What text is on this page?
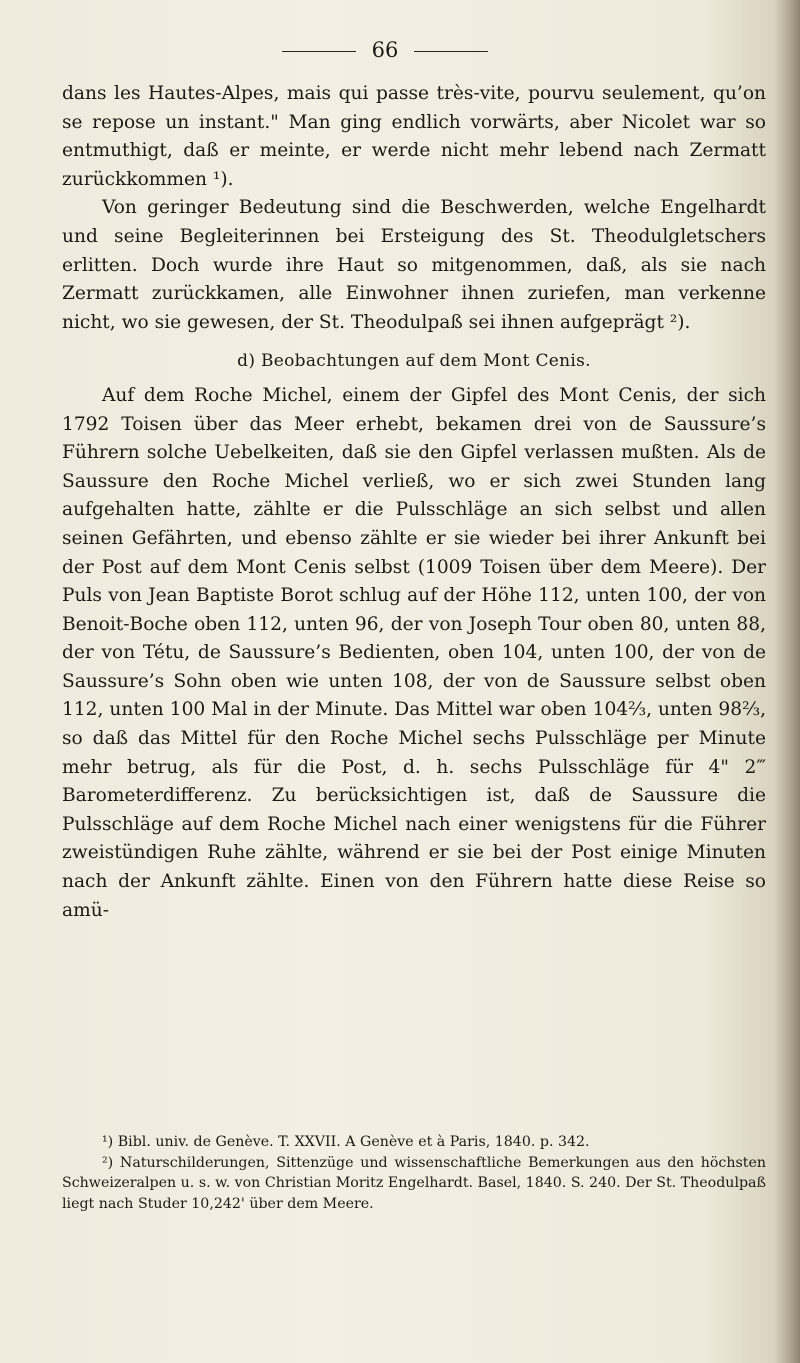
66

dans les Hautes-Alpes, mais qui passe très-vite, pourvu seulement, qu’on se repose un instant." Man ging endlich vorwärts, aber Nicolet war so entmuthigt, daß er meinte, er werde nicht mehr lebend nach Zermatt zurückkommen ¹).

Von geringer Bedeutung sind die Beschwerden, welche Engelhardt und seine Begleiterinnen bei Ersteigung des St. Theodulgletschers erlitten. Doch wurde ihre Haut so mitgenommen, daß, als sie nach Zermatt zurückkamen, alle Einwohner ihnen zuriefen, man verkenne nicht, wo sie gewesen, der St. Theodulpaß sei ihnen aufgeprägt ²).

d) Beobachtungen auf dem Mont Cenis.

Auf dem Roche Michel, einem der Gipfel des Mont Cenis, der sich 1792 Toisen über das Meer erhebt, bekamen drei von de Saussure’s Führern solche Uebelkeiten, daß sie den Gipfel verlassen mußten. Als de Saussure den Roche Michel verließ, wo er sich zwei Stunden lang aufgehalten hatte, zählte er die Pulsschläge an sich selbst und allen seinen Gefährten, und ebenso zählte er sie wieder bei ihrer Ankunft bei der Post auf dem Mont Cenis selbst (1009 Toisen über dem Meere). Der Puls von Jean Baptiste Borot schlug auf der Höhe 112, unten 100, der von Benoit-Boche oben 112, unten 96, der von Joseph Tour oben 80, unten 88, der von Tétu, de Saussure’s Bedienten, oben 104, unten 100, der von de Saussure’s Sohn oben wie unten 108, der von de Saussure selbst oben 112, unten 100 Mal in der Minute. Das Mittel war oben 104⅔, unten 98⅔, so daß das Mittel für den Roche Michel sechs Pulsschläge per Minute mehr betrug, als für die Post, d. h. sechs Pulsschläge für 4" 2‴ Barometerdifferenz. Zu berücksichtigen ist, daß de Saussure die Pulsschläge auf dem Roche Michel nach einer wenigstens für die Führer zweistündigen Ruhe zählte, während er sie bei der Post einige Minuten nach der Ankunft zählte. Einen von den Führern hatte diese Reise so amü-

¹) Bibl. univ. de Genève. T. XXVII. A Genève et à Paris, 1840. p. 342.

²) Naturschilderungen, Sittenzüge und wissenschaftliche Bemerkungen aus den höchsten Schweizeralpen u. s. w. von Christian Moritz Engelhardt. Basel, 1840. S. 240. Der St. Theodulpaß liegt nach Studer 10,242' über dem Meere.
